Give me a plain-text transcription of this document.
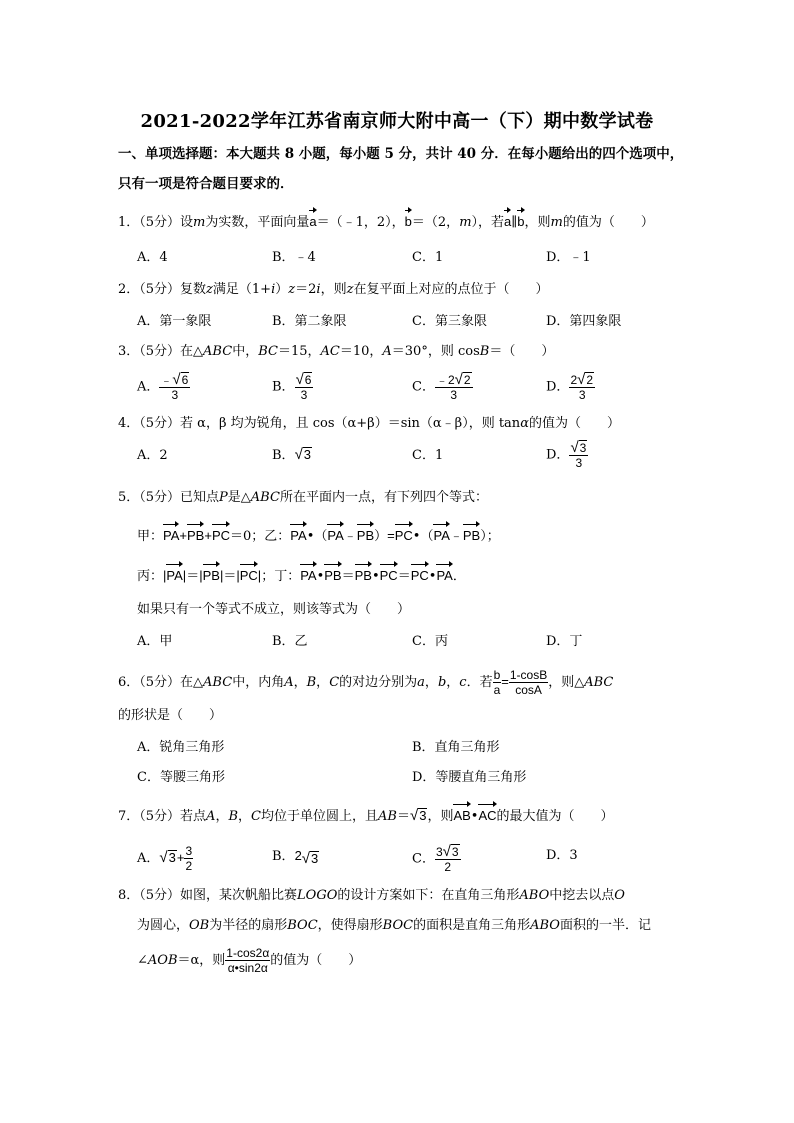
2021-2022学年江苏省南京师大附中高一（下）期中数学试卷
一、单项选择题：本大题共 8 小题，每小题 5 分，共计 40 分．在每小题给出的四个选项中，
只有一项是符合题目要求的．
1．（5分）设m为实数，平面向量a＝（﹣1，2），b＝（2，m），若a∥b，则m的值为（　　）
A．4	B．﹣4	C．1	D．﹣1
2．（5分）复数z满足（1+i）z＝2i，则z在复平面上对应的点位于（　　）
A．第一象限	B．第二象限	C．第三象限	D．第四象限
3．（5分）在△ABC中，BC＝15，AC＝10，A＝30°，则 cosB＝（　　）
A． $\frac{﹣ √ 6}{3}$	B． $\frac{√ 6}{3}$	C． $\frac{﹣ 2 √ 2}{3}$	D． $\frac{2 √ 2}{3}$
4．（5分）若 α，β 均为锐角，且 cos（α+β）＝sin（α﹣β），则 tanα的值为（　　）
A．2	B． √ 3	C．1	D． $\frac{√ 3}{3}$
5．（5分）已知点P是△ABC所在平面内一点，有下列四个等式：
甲：PA+PB+PC＝0；乙：PA•（PA﹣PB）=PC•（PA﹣PB）；
丙：|PA|＝|PB|＝|PC|；丁：PA•PB＝PB•PC＝PC•PA．
如果只有一个等式不成立，则该等式为（　　）
A．甲	B．乙	C．丙	D．丁
6．（5分）在△ABC中，内角A，B，C的对边分别为a，b，c．若 $\frac{b}{a} = \frac{1-\cos B}{\cos A}$ ，则△ABC
的形状是（　　）
A．锐角三角形	B．直角三角形
C．等腰三角形	D．等腰直角三角形
7．（5分）若点A，B，C均位于单位圆上，且AB＝ √ 3 ，则AB•AC的最大值为（　　）
A． √ $3 + \frac{3}{2}$	B． 2 √ 3	C． $\frac{3 √ 3}{2}$	D．3
8．（5分）如图，某次帆船比赛LOGO的设计方案如下：在直角三角形ABO中挖去以点O
为圆心，OB为半径的扇形BOC，使得扇形BOC的面积是直角三角形ABO面积的一半．记
∠AOB＝α，则 $\frac{1-\cos 2\alpha}{\alpha•\sin 2\alpha}$ 的值为（　　）
